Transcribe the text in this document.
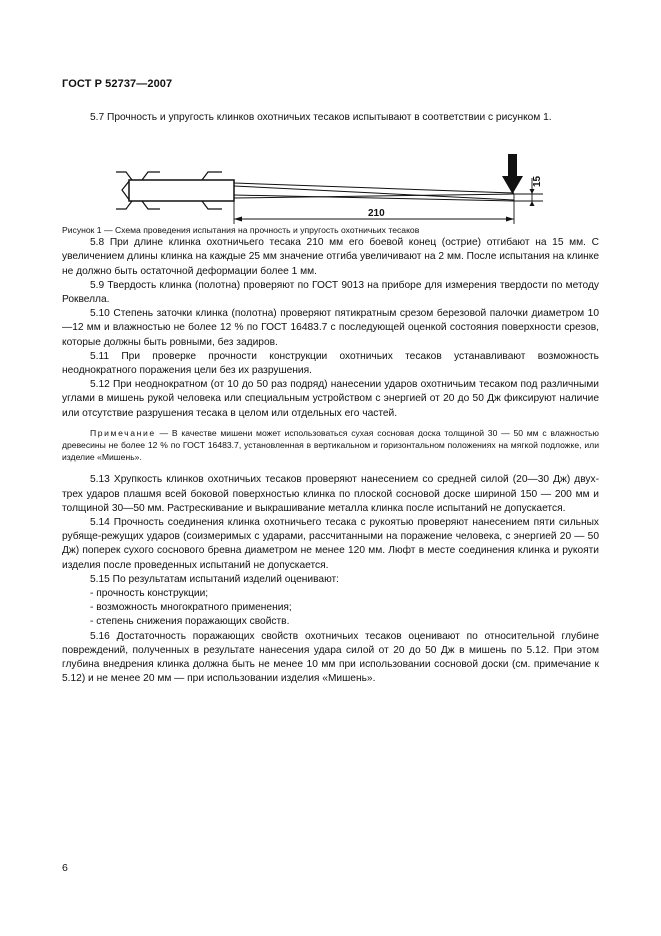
ГОСТ Р 52737—2007

5.7 Прочность и упругость клинков охотничьих тесаков испытывают в соответствии с рисунком 1.

15
210

Рисунок 1 — Схема проведения испытания на прочность и упругость охотничьих тесаков

5.8 При длине клинка охотничьего тесака 210 мм его боевой конец (острие) отгибают на 15 мм. С увеличением длины клинка на каждые 25 мм значение отгиба увеличивают на 2 мм. После испытания на клинке не должно быть остаточной деформации более 1 мм.

5.9 Твердость клинка (полотна) проверяют по ГОСТ 9013 на приборе для измерения твердости по методу Роквелла.

5.10 Степень заточки клинка (полотна) проверяют пятикратным срезом березовой палочки диаметром 10—12 мм и влажностью не более 12 % по ГОСТ 16483.7 с последующей оценкой состояния поверхности срезов, которые должны быть ровными, без задиров.

5.11 При проверке прочности конструкции охотничьих тесаков устанавливают возможность неоднократного поражения цели без их разрушения.

5.12 При неоднократном (от 10 до 50 раз подряд) нанесении ударов охотничьим тесаком под различными углами в мишень рукой человека или специальным устройством с энергией от 20 до 50 Дж фиксируют наличие или отсутствие разрушения тесака в целом или отдельных его частей.

Примечание — В качестве мишени может использоваться сухая сосновая доска толщиной 30 — 50 мм с влажностью древесины не более 12 % по ГОСТ 16483.7, установленная в вертикальном и горизонтальном положениях на мягкой подложке, или изделие «Мишень».

5.13 Хрупкость клинков охотничьих тесаков проверяют нанесением со средней силой (20—30 Дж) двух-трех ударов плашмя всей боковой поверхностью клинка по плоской сосновой доске шириной 150 — 200 мм и толщиной 30—50 мм. Растрескивание и выкрашивание металла клинка после испытаний не допускается.

5.14 Прочность соединения клинка охотничьего тесака с рукоятью проверяют нанесением пяти сильных рубяще-режущих ударов (соизмеримых с ударами, рассчитанными на поражение человека, с энергией 20 — 50 Дж) поперек сухого соснового бревна диаметром не менее 120 мм. Люфт в месте соединения клинка и рукояти изделия после проведенных испытаний не допускается.

5.15 По результатам испытаний изделий оценивают:

- прочность конструкции;

- возможность многократного применения;

- степень снижения поражающих свойств.

5.16 Достаточность поражающих свойств охотничьих тесаков оценивают по относительной глубине повреждений, полученных в результате нанесения удара силой от 20 до 50 Дж в мишень по 5.12. При этом глубина внедрения клинка должна быть не менее 10 мм при использовании сосновой доски (см. примечание к 5.12) и не менее 20 мм — при использовании изделия «Мишень».

6
